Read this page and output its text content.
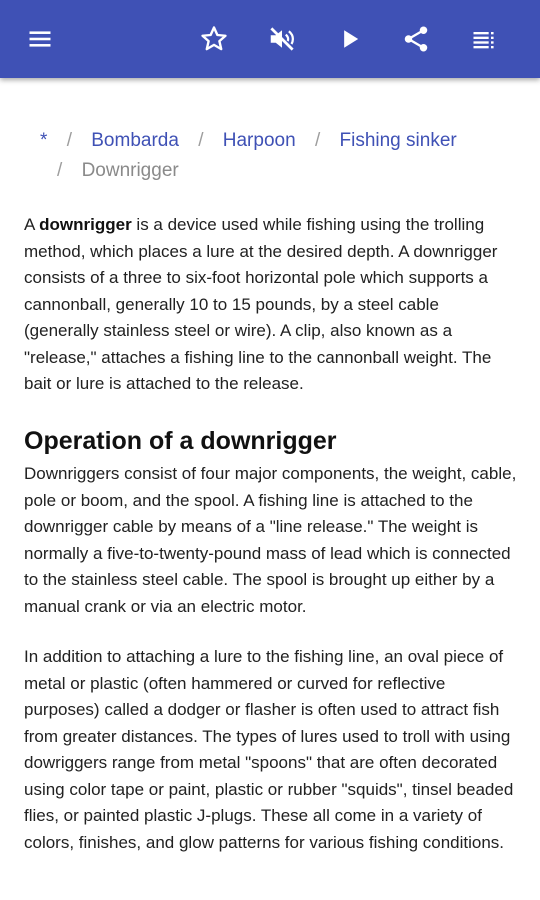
* / Bombarda / Harpoon / Fishing sinker
/ Downrigger

A downrigger is a device used while fishing using the trolling method, which places a lure at the desired depth. A downrigger consists of a three to six-foot horizontal pole which supports a cannonball, generally 10 to 15 pounds, by a steel cable (generally stainless steel or wire). A clip, also known as a "release," attaches a fishing line to the cannonball weight. The bait or lure is attached to the release.

Operation of a downrigger

Downriggers consist of four major components, the weight, cable, pole or boom, and the spool. A fishing line is attached to the downrigger cable by means of a "line release." The weight is normally a five-to-twenty-pound mass of lead which is connected to the stainless steel cable. The spool is brought up either by a manual crank or via an electric motor.

In addition to attaching a lure to the fishing line, an oval piece of metal or plastic (often hammered or curved for reflective purposes) called a dodger or flasher is often used to attract fish from greater distances. The types of lures used to troll with using dowriggers range from metal "spoons" that are often decorated using color tape or paint, plastic or rubber "squids", tinsel beaded flies, or painted plastic J-plugs. These all come in a variety of colors, finishes, and glow patterns for various fishing conditions.
